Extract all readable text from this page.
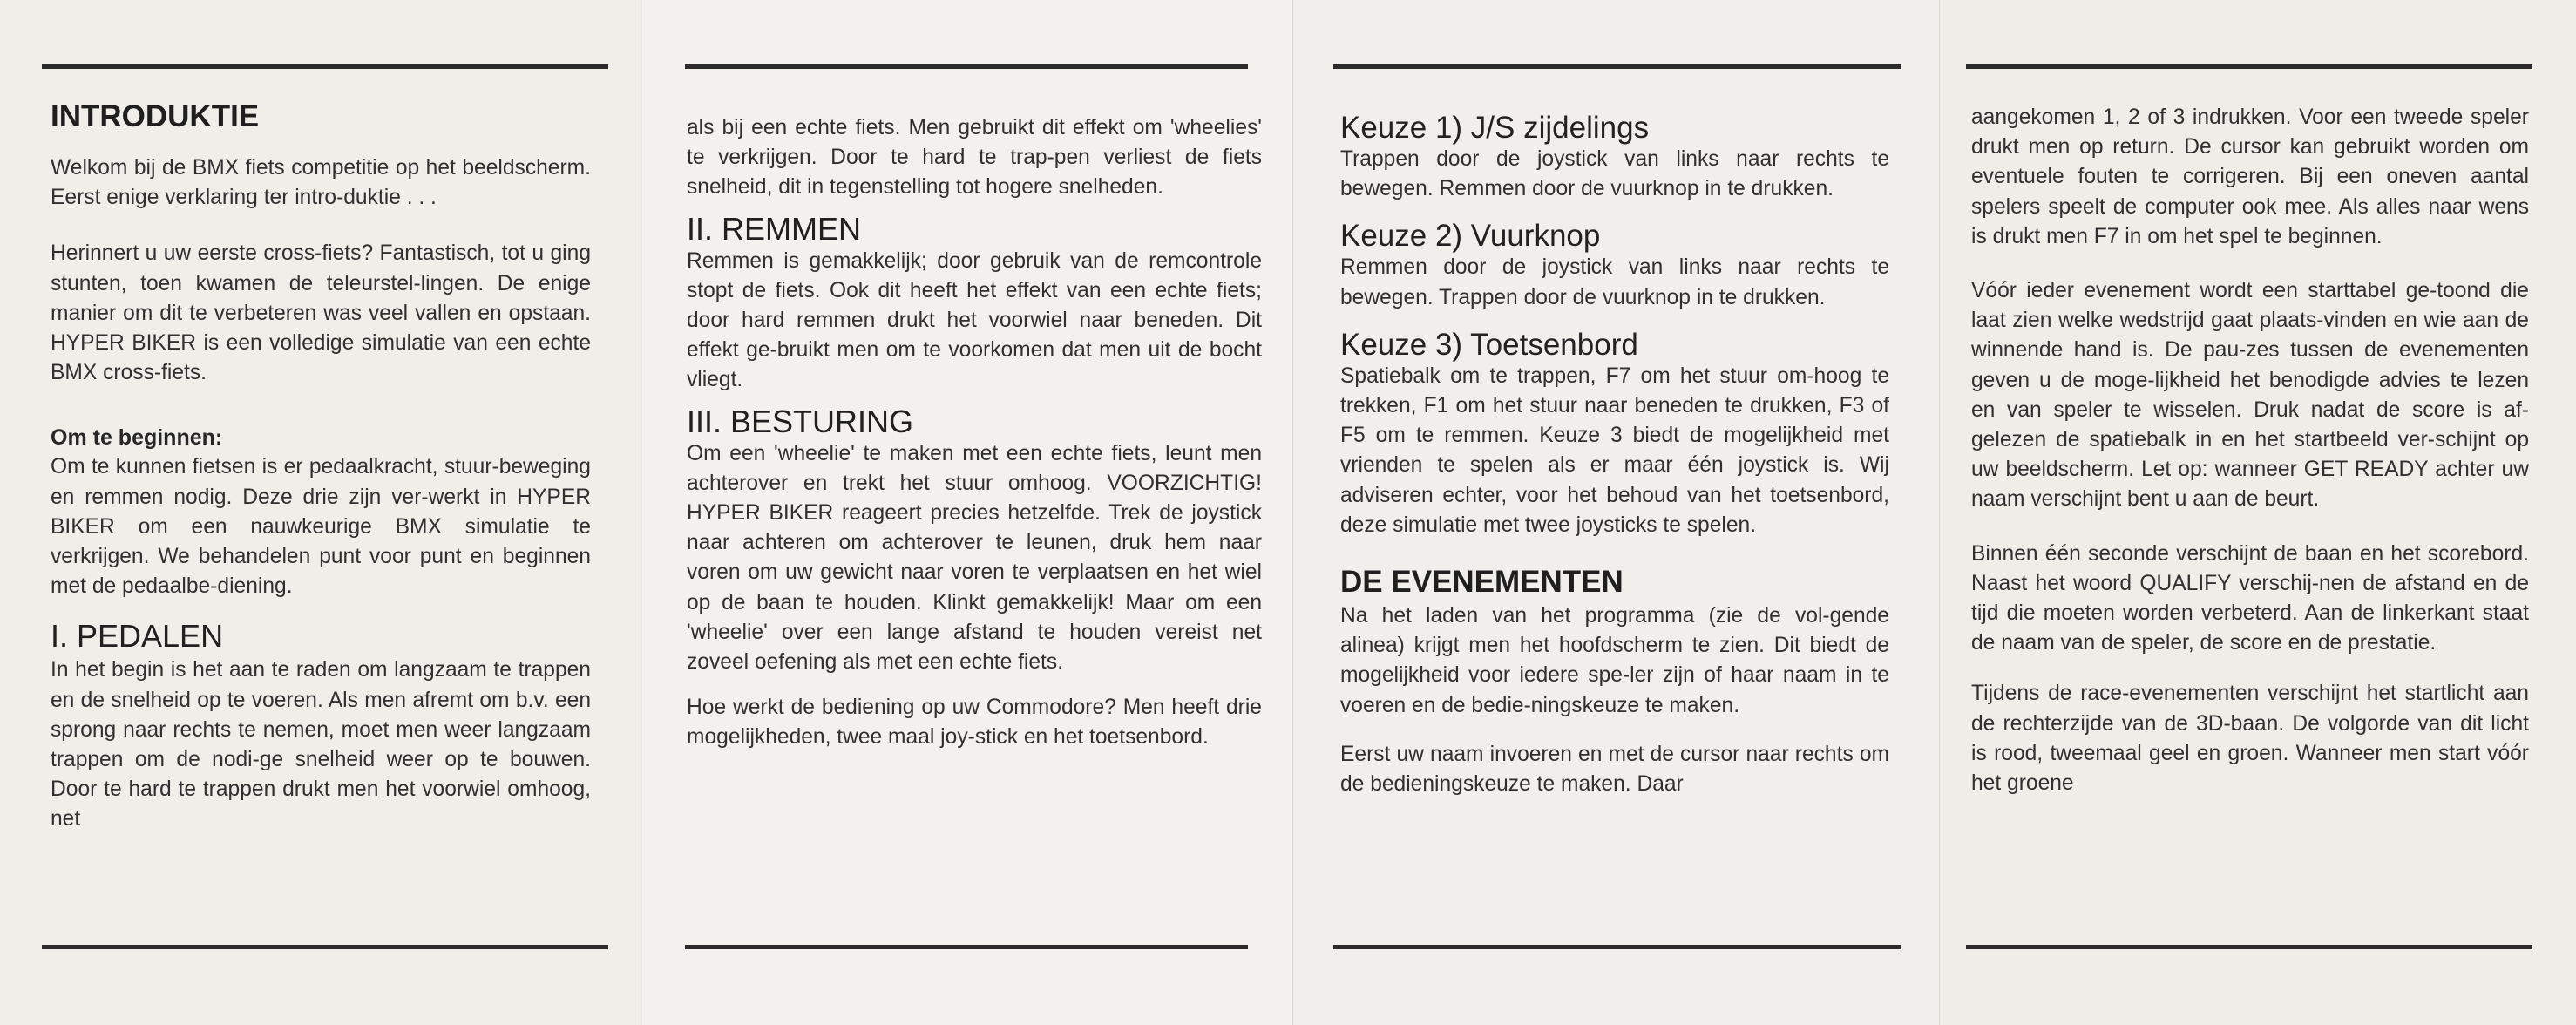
INTRODUKTIE

Welkom bij de BMX fiets competitie op het beeldscherm. Eerst enige verklaring ter intro-duktie . . .

Herinnert u uw eerste cross-fiets? Fantastisch, tot u ging stunten, toen kwamen de teleurstel-lingen. De enige manier om dit te verbeteren was veel vallen en opstaan. HYPER BIKER is een volledige simulatie van een echte BMX cross-fiets.

Om te beginnen:

Om te kunnen fietsen is er pedaalkracht, stuur-beweging en remmen nodig. Deze drie zijn ver-werkt in HYPER BIKER om een nauwkeurige BMX simulatie te verkrijgen. We behandelen punt voor punt en beginnen met de pedaalbe-diening.

I. PEDALEN

In het begin is het aan te raden om langzaam te trappen en de snelheid op te voeren. Als men afremt om b.v. een sprong naar rechts te nemen, moet men weer langzaam trappen om de nodi-ge snelheid weer op te bouwen. Door te hard te trappen drukt men het voorwiel omhoog, net

als bij een echte fiets. Men gebruikt dit effekt om 'wheelies' te verkrijgen. Door te hard te trap-pen verliest de fiets snelheid, dit in tegenstelling tot hogere snelheden.

II. REMMEN

Remmen is gemakkelijk; door gebruik van de remcontrole stopt de fiets. Ook dit heeft het effekt van een echte fiets; door hard remmen drukt het voorwiel naar beneden. Dit effekt ge-bruikt men om te voorkomen dat men uit de bocht vliegt.

III. BESTURING

Om een 'wheelie' te maken met een echte fiets, leunt men achterover en trekt het stuur omhoog. VOORZICHTIG! HYPER BIKER reageert precies hetzelfde. Trek de joystick naar achteren om achterover te leunen, druk hem naar voren om uw gewicht naar voren te verplaatsen en het wiel op de baan te houden. Klinkt gemakkelijk! Maar om een 'wheelie' over een lange afstand te houden vereist net zoveel oefening als met een echte fiets.

Hoe werkt de bediening op uw Commodore? Men heeft drie mogelijkheden, twee maal joy-stick en het toetsenbord.

Keuze 1) J/S zijdelings

Trappen door de joystick van links naar rechts te bewegen. Remmen door de vuurknop in te drukken.

Keuze 2) Vuurknop

Remmen door de joystick van links naar rechts te bewegen. Trappen door de vuurknop in te drukken.

Keuze 3) Toetsenbord

Spatiebalk om te trappen, F7 om het stuur om-hoog te trekken, F1 om het stuur naar beneden te drukken, F3 of F5 om te remmen. Keuze 3 biedt de mogelijkheid met vrienden te spelen als er maar één joystick is. Wij adviseren echter, voor het behoud van het toetsenbord, deze simulatie met twee joysticks te spelen.

DE EVENEMENTEN

Na het laden van het programma (zie de vol-gende alinea) krijgt men het hoofdscherm te zien. Dit biedt de mogelijkheid voor iedere spe-ler zijn of haar naam in te voeren en de bedie-ningskeuze te maken.

Eerst uw naam invoeren en met de cursor naar rechts om de bedieningskeuze te maken. Daar

aangekomen 1, 2 of 3 indrukken. Voor een tweede speler drukt men op return. De cursor kan gebruikt worden om eventuele fouten te corrigeren. Bij een oneven aantal spelers speelt de computer ook mee. Als alles naar wens is drukt men F7 in om het spel te beginnen.

Vóór ieder evenement wordt een starttabel ge-toond die laat zien welke wedstrijd gaat plaats-vinden en wie aan de winnende hand is. De pau-zes tussen de evenementen geven u de moge-lijkheid het benodigde advies te lezen en van speler te wisselen. Druk nadat de score is af-gelezen de spatiebalk in en het startbeeld ver-schijnt op uw beeldscherm. Let op: wanneer GET READY achter uw naam verschijnt bent u aan de beurt.

Binnen één seconde verschijnt de baan en het scorebord. Naast het woord QUALIFY verschij-nen de afstand en de tijd die moeten worden verbeterd. Aan de linkerkant staat de naam van de speler, de score en de prestatie.

Tijdens de race-evenementen verschijnt het startlicht aan de rechterzijde van de 3D-baan. De volgorde van dit licht is rood, tweemaal geel en groen. Wanneer men start vóór het groene
